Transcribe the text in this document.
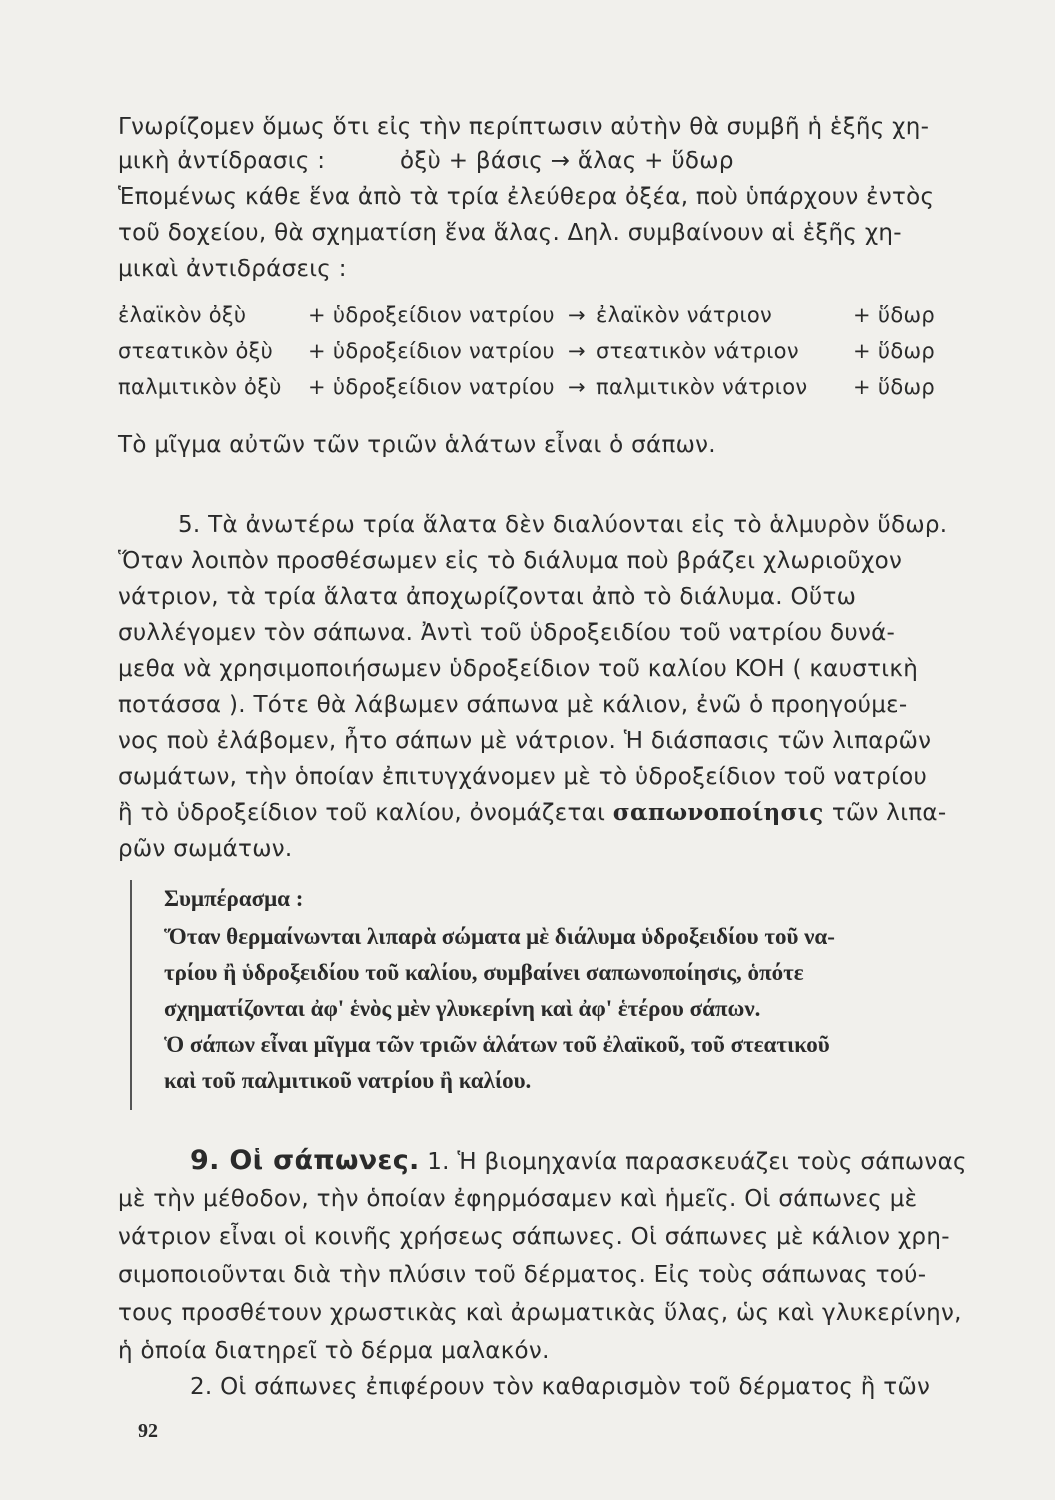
Γνωρίζομεν ὅμως ὅτι εἰς τὴν περίπτωσιν αὐτὴν θὰ συμβῆ ἡ ἑξῆς χη-
μικὴ ἀντίδρασις :	ὀξὺ + βάσις → ἅλας + ὕδωρ
Ἑπομένως κάθε ἕνα ἀπὸ τὰ τρία ἐλεύθερα ὀξέα, ποὺ ὑπάρχουν ἐντὸς
τοῦ δοχείου, θὰ σχηματίση ἕνα ἅλας. Δηλ. συμβαίνουν αἱ ἑξῆς χη-
μικαὶ ἀντιδράσεις :
ἐλαϊκὸν ὀξὺ	+ ὑδροξείδιον νατρίου → ἐλαϊκὸν νάτριον	+ ὕδωρ
στεατικὸν ὀξὺ + ὑδροξείδιον νατρίου → στεατικὸν νάτριον	+ ὕδωρ
παλμιτικὸν ὀξὺ + ὑδροξείδιον νατρίου → παλμιτικὸν νάτριον + ὕδωρ
Τὸ μῖγμα αὐτῶν τῶν τριῶν ἁλάτων εἶναι ὁ σάπων.
5. Τὰ ἀνωτέρω τρία ἅλατα δὲν διαλύονται εἰς τὸ ἁλμυρὸν ὕδωρ.
Ὅταν λοιπὸν προσθέσωμεν εἰς τὸ διάλυμα ποὺ βράζει χλωριοῦχον
νάτριον, τὰ τρία ἅλατα ἀποχωρίζονται ἀπὸ τὸ διάλυμα. Οὕτω
συλλέγομεν τὸν σάπωνα. Ἀντὶ τοῦ ὑδροξειδίου τοῦ νατρίου δυνά-
μεθα νὰ χρησιμοποιήσωμεν ὑδροξείδιον τοῦ καλίου KOH ( καυστικὴ
ποτάσσα ). Τότε θὰ λάβωμεν σάπωνα μὲ κάλιον, ἐνῶ ὁ προηγούμε-
νος ποὺ ἐλάβομεν, ἦτο σάπων μὲ νάτριον. Ἡ διάσπασις τῶν λιπαρῶν
σωμάτων, τὴν ὁποίαν ἐπιτυγχάνομεν μὲ τὸ ὑδροξείδιον τοῦ νατρίου
ἢ τὸ ὑδροξείδιον τοῦ καλίου, ὀνομάζεται σαπωνοποίησις τῶν λιπα-
ρῶν σωμάτων.
Συμπέρασμα :
Ὅταν θερμαίνωνται λιπαρὰ σώματα μὲ διάλυμα ὑδροξειδίου τοῦ να-
τρίου ἢ ὑδροξειδίου τοῦ καλίου, συμβαίνει σαπωνοποίησις, ὁπότε
σχηματίζονται ἀφ' ἑνὸς μὲν γλυκερίνη καὶ ἀφ' ἑτέρου σάπων.
Ὁ σάπων εἶναι μῖγμα τῶν τριῶν ἁλάτων τοῦ ἐλαϊκοῦ, τοῦ στεατικοῦ
καὶ τοῦ παλμιτικοῦ νατρίου ἢ καλίου.
9. Οἱ σάπωνες. 1. Ἡ βιομηχανία παρασκευάζει τοὺς σάπωνας
μὲ τὴν μέθοδον, τὴν ὁποίαν ἐφηρμόσαμεν καὶ ἡμεῖς. Οἱ σάπωνες μὲ
νάτριον εἶναι οἱ κοινῆς χρήσεως σάπωνες. Οἱ σάπωνες μὲ κάλιον χρη-
σιμοποιοῦνται διὰ τὴν πλύσιν τοῦ δέρματος. Εἰς τοὺς σάπωνας τού-
τους προσθέτουν χρωστικὰς καὶ ἀρωματικὰς ὕλας, ὡς καὶ γλυκερίνην,
ἡ ὁποία διατηρεῖ τὸ δέρμα μαλακόν.
2. Οἱ σάπωνες ἐπιφέρουν τὸν καθαρισμὸν τοῦ δέρματος ἢ τῶν
92
